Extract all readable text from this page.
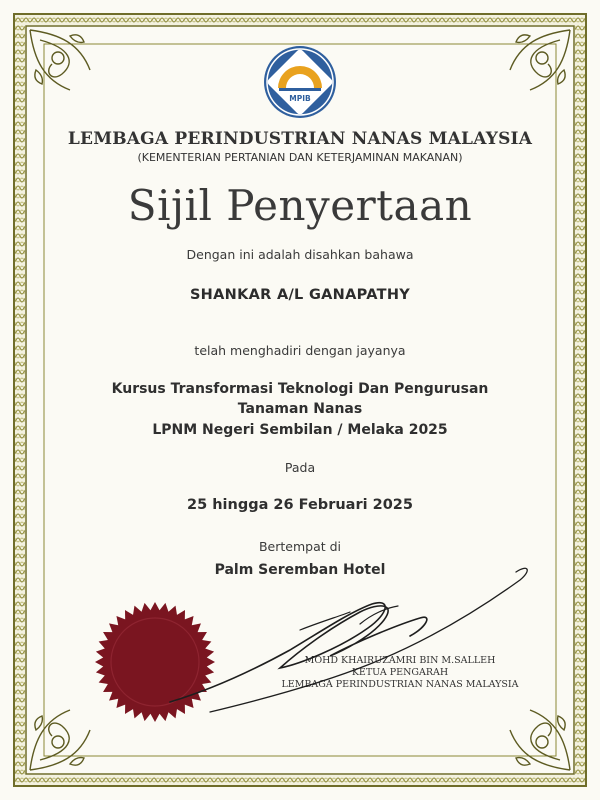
MPIB
LEMBAGA PERINDUSTRIAN NANAS MALAYSIA
(KEMENTERIAN PERTANIAN DAN KETERJAMINAN MAKANAN)
Sijil Penyertaan
Dengan ini adalah disahkan bahawa
SHANKAR A/L GANAPATHY
telah menghadiri dengan jayanya
Kursus Transformasi Teknologi Dan Pengurusan
Tanaman Nanas
LPNM Negeri Sembilan / Melaka 2025
Pada
25 hingga 26 Februari 2025
Bertempat di
Palm Seremban Hotel
MOHD KHAIRUZAMRI BIN M.SALLEH
KETUA PENGARAH
LEMBAGA PERINDUSTRIAN NANAS MALAYSIA
